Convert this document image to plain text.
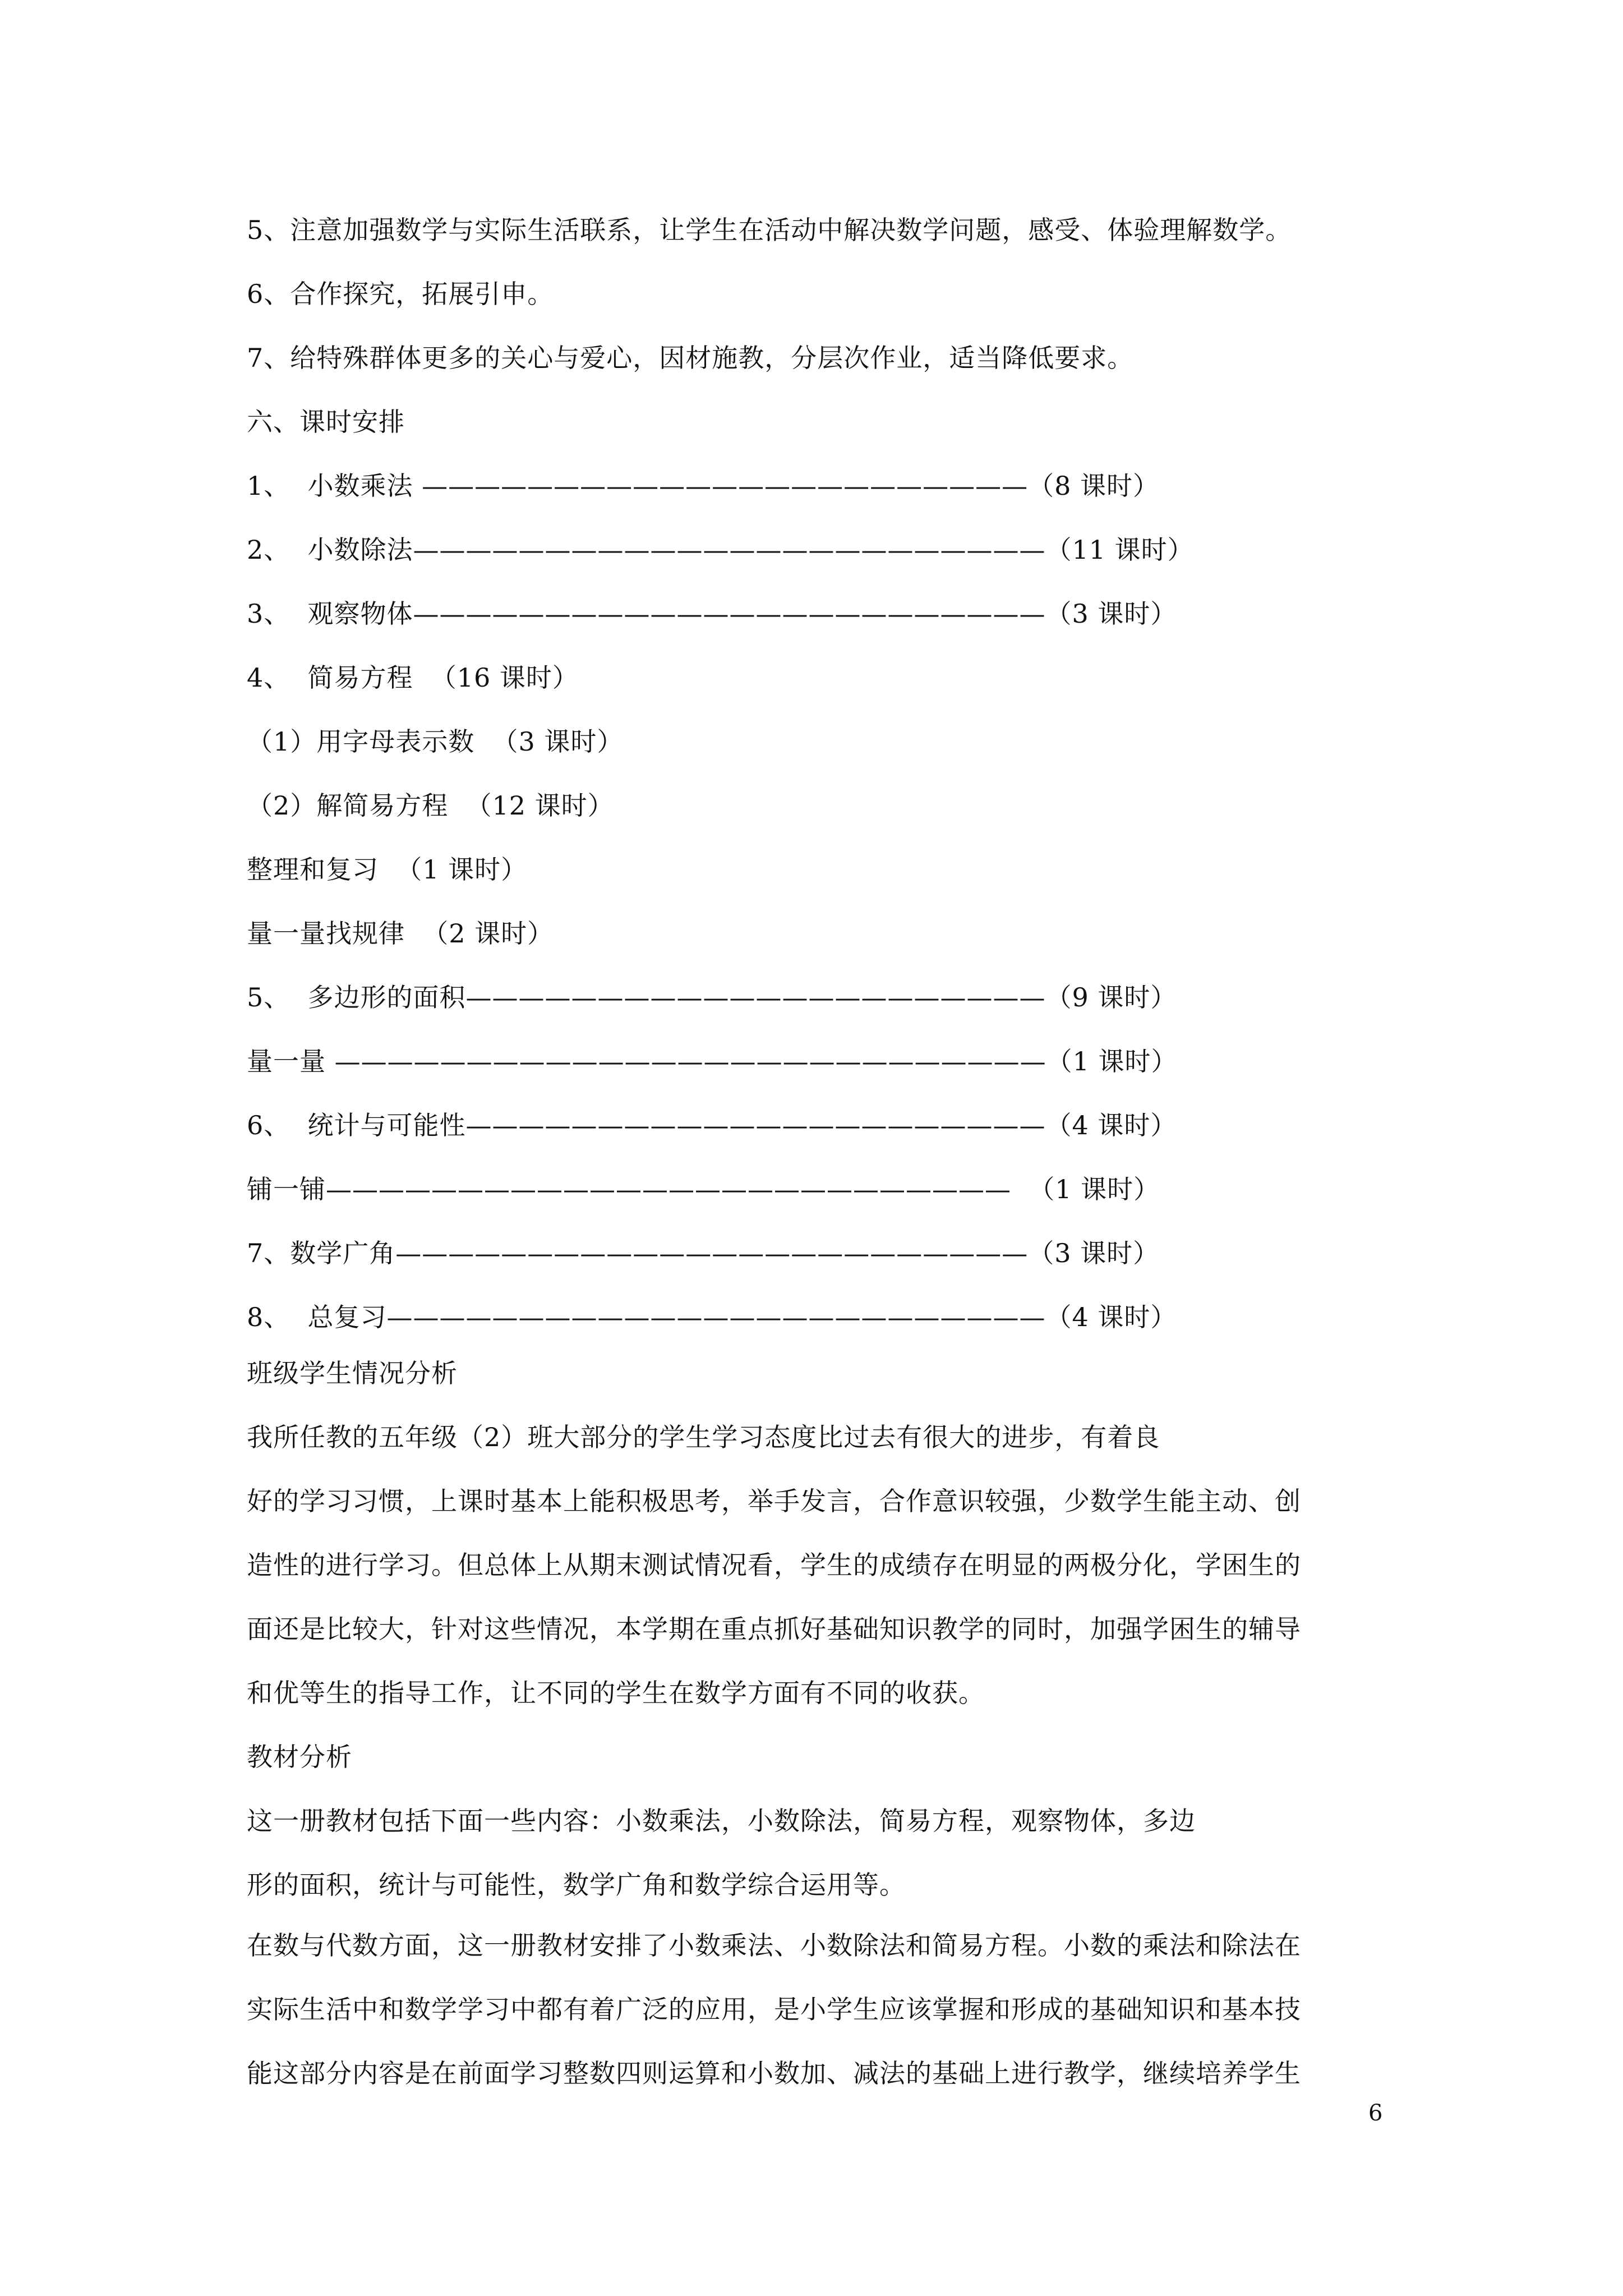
5、注意加强数学与实际生活联系，让学生在活动中解决数学问题，感受、体验理解数学。
6、合作探究，拓展引申。
7、给特殊群体更多的关心与爱心，因材施教，分层次作业，适当降低要求。
六、课时安排
1、  小数乘法 ———————————————————————（8 课时）
2、  小数除法————————————————————————（11 课时）
3、  观察物体————————————————————————（3 课时）
4、  简易方程  （16 课时）
（1）用字母表示数  （3 课时）
（2）解简易方程  （12 课时）
整理和复习  （1 课时）
量一量找规律  （2 课时）
5、  多边形的面积——————————————————————（9 课时）
量一量 ———————————————————————————（1 课时）
6、  统计与可能性——————————————————————（4 课时）
铺一铺——————————————————————————  （1 课时）
7、数学广角————————————————————————（3 课时）
8、  总复习—————————————————————————（4 课时）
班级学生情况分析
我所任教的五年级（2）班大部分的学生学习态度比过去有很大的进步，有着良
好的学习习惯，上课时基本上能积极思考，举手发言，合作意识较强，少数学生能主动、创
造性的进行学习。但总体上从期末测试情况看，学生的成绩存在明显的两极分化，学困生的
面还是比较大，针对这些情况，本学期在重点抓好基础知识教学的同时，加强学困生的辅导
和优等生的指导工作，让不同的学生在数学方面有不同的收获。
教材分析
这一册教材包括下面一些内容：小数乘法，小数除法，简易方程，观察物体，多边
形的面积，统计与可能性，数学广角和数学综合运用等。
在数与代数方面，这一册教材安排了小数乘法、小数除法和简易方程。小数的乘法和除法在
实际生活中和数学学习中都有着广泛的应用，是小学生应该掌握和形成的基础知识和基本技
能这部分内容是在前面学习整数四则运算和小数加、减法的基础上进行教学，继续培养学生
6
